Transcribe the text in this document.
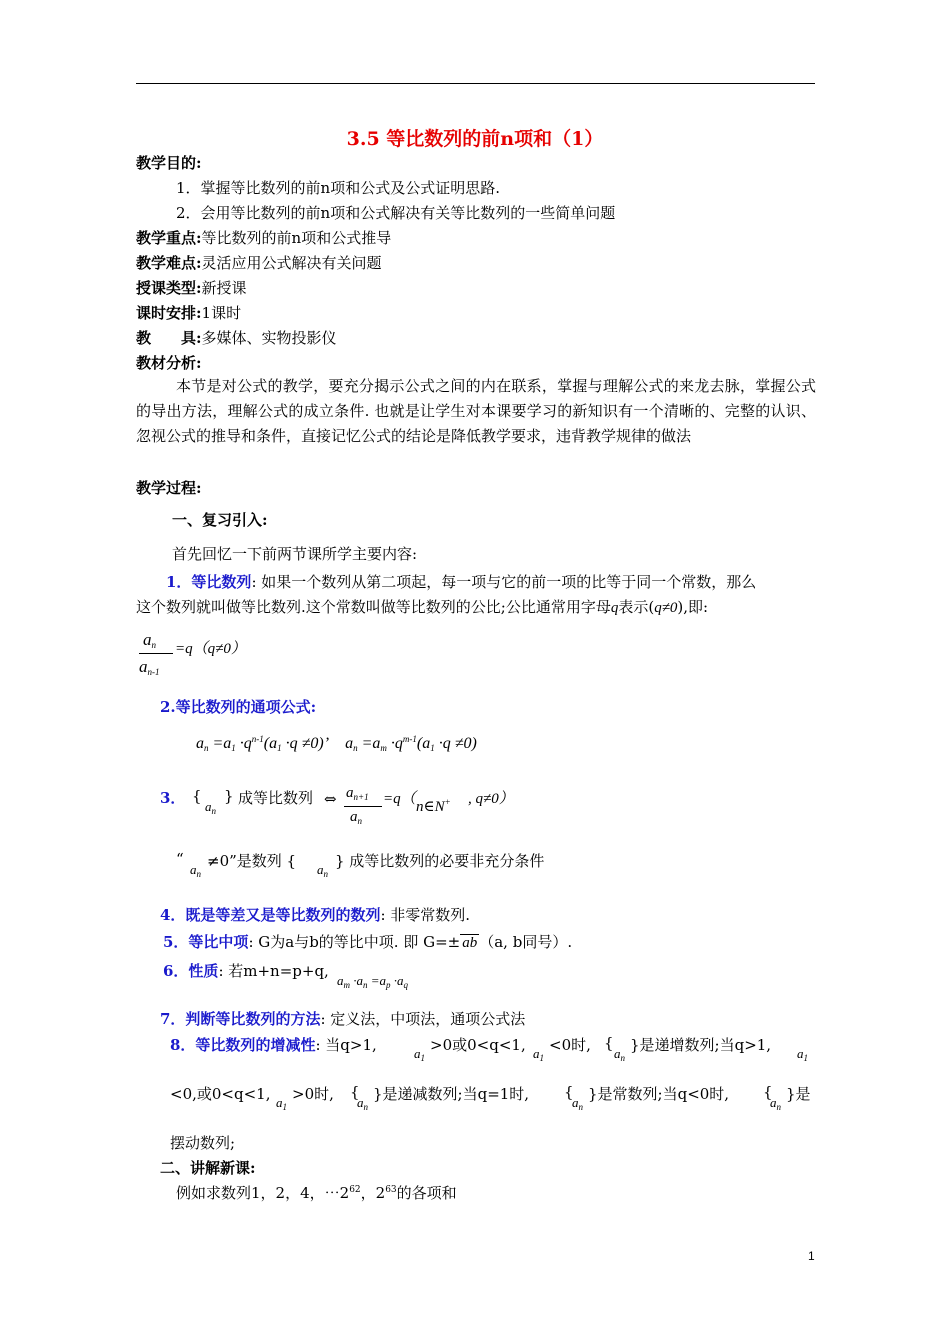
3.5 等比数列的前n项和（1）
教学目的:
1．掌握等比数列的前n项和公式及公式证明思路.
2．会用等比数列的前n项和公式解决有关等比数列的一些简单问题
教学重点:等比数列的前n项和公式推导
教学难点:灵活应用公式解决有关问题
授课类型:新授课
课时安排:1课时
教　　具:多媒体、实物投影仪
教材分析:
本节是对公式的教学，要充分揭示公式之间的内在联系，掌握与理解公式的来龙去脉，掌握公式的导出方法，理解公式的成立条件. 也就是让学生对本课要学习的新知识有一个清晰的、完整的认识、忽视公式的推导和条件，直接记忆公式的结论是降低教学要求，违背教学规律的做法
教学过程:
一、复习引入:
首先回忆一下前两节课所学主要内容:
1．等比数列: 如果一个数列从第二项起，每一项与它的前一项的比等于同一个常数，那么
这个数列就叫做等比数列.这个常数叫做等比数列的公比;公比通常用字母q表示(q≠0),即:
$a_n$
$a_{n-1}$
=q（q≠0）
2.等比数列的通项公式:
$a_n =a_1 \cdot q^{n-1}(a_1 \cdot q \ne 0)$’    $a_n =a_m \cdot q^{m-1}(a_1 \cdot q \ne 0)$
3． {
$a_n$
} 成等比数列 ⇔ $a_{n+1}$
$a_n$
=q（ n∈N+ , q≠0）
“
$a_n$
≠0”是数列 { $a_n$
} 成等比数列的必要非充分条件
4．既是等差又是等比数列的数列: 非零常数列.
5．等比中项: G为a与b的等比中项. 即 G=± ab （a, b同号）.
6．性质: 若m+n=p+q,
$a_m \cdot a_n =a_p \cdot a_q$
7．判断等比数列的方法: 定义法，中项法，通项公式法
8．等比数列的增减性: 当q>1,	$a_1$
>0或0<q<1, $a_1$
<0时, {
$a_n$
}是递增数列;当q>1, $a_1$
<0,或0<q<1, $a_1$
>0时, {
$a_n$
}是递减数列;当q=1时, {
$a_n$
}是常数列;当q<0时, {
$a_n$
}是
摆动数列;
二、讲解新课:
例如求数列1，2，4，$\cdots 2^{62}$，$2^{63}$的各项和
1
